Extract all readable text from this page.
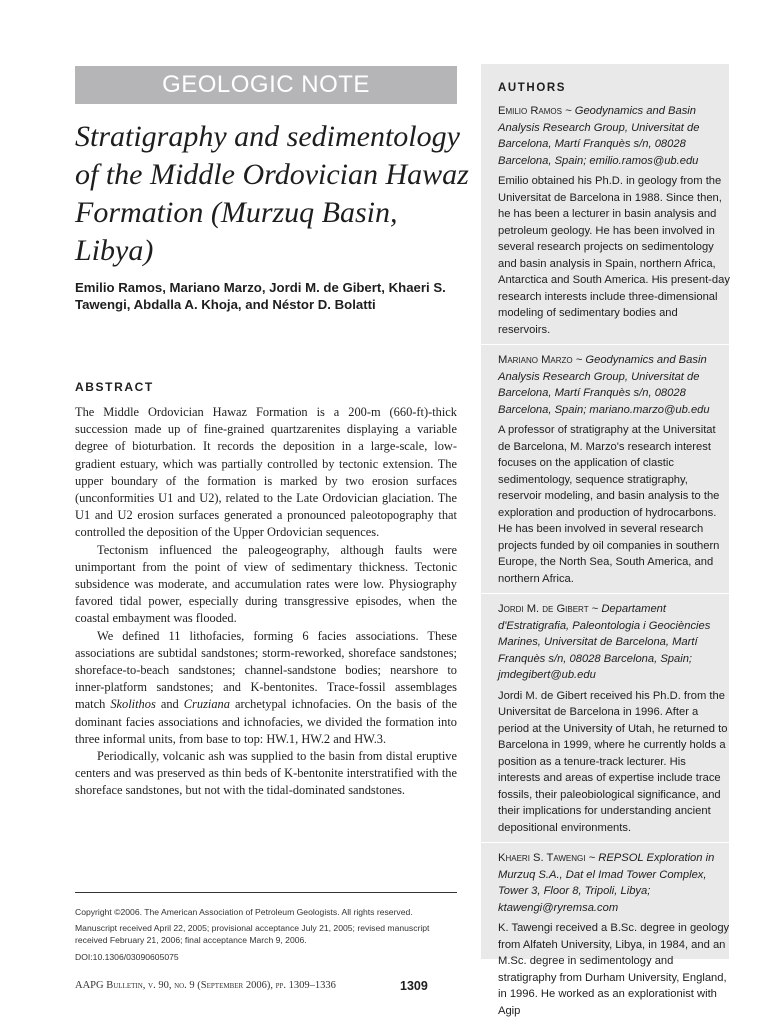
GEOLOGIC NOTE
Stratigraphy and sedimentology of the Middle Ordovician Hawaz Formation (Murzuq Basin, Libya)

Emilio Ramos, Mariano Marzo, Jordi M. de Gibert, Khaeri S. Tawengi, Abdalla A. Khoja, and Néstor D. Bolatti

ABSTRACT

The Middle Ordovician Hawaz Formation is a 200-m (660-ft)-thick succession made up of fine-grained quartzarenites displaying a variable degree of bioturbation. It records the deposition in a large-scale, low-gradient estuary, which was partially controlled by tectonic extension. The upper boundary of the formation is marked by two erosion surfaces (unconformities U1 and U2), related to the Late Ordovician glaciation. The U1 and U2 erosion surfaces generated a pronounced paleotopography that controlled the deposition of the Upper Ordovician sequences.

Tectonism influenced the paleogeography, although faults were unimportant from the point of view of sedimentary thickness. Tectonic subsidence was moderate, and accumulation rates were low. Physiography favored tidal power, especially during transgressive episodes, when the coastal embayment was flooded.

We defined 11 lithofacies, forming 6 facies associations. These associations are subtidal sandstones; storm-reworked, shoreface sandstones; shoreface-to-beach sandstones; channel-sandstone bodies; nearshore to inner-platform sandstones; and K-bentonites. Trace-fossil assemblages match Skolithos and Cruziana archetypal ichnofacies. On the basis of the dominant facies associations and ichnofacies, we divided the formation into three informal units, from base to top: HW.1, HW.2 and HW.3.

Periodically, volcanic ash was supplied to the basin from distal eruptive centers and was preserved as thin beds of K-bentonite interstratified with the shoreface sandstones, but not with the tidal-dominated sandstones.

Copyright ©2006. The American Association of Petroleum Geologists. All rights reserved.

Manuscript received April 22, 2005; provisional acceptance July 21, 2005; revised manuscript received February 21, 2006; final acceptance March 9, 2006.

DOI:10.1306/03090605075

AAPG Bulletin, v. 90, no. 9 (September 2006), pp. 1309–1336	1309
AUTHORS

Emilio Ramos ~ Geodynamics and Basin Analysis Research Group, Universitat de Barcelona, Martí Franquès s/n, 08028 Barcelona, Spain; emilio.ramos@ub.edu

Emilio obtained his Ph.D. in geology from the Universitat de Barcelona in 1988. Since then, he has been a lecturer in basin analysis and petroleum geology. He has been involved in several research projects on sedimentology and basin analysis in Spain, northern Africa, Antarctica and South America. His present-day research interests include three-dimensional modeling of sedimentary bodies and reservoirs.

Mariano Marzo ~ Geodynamics and Basin Analysis Research Group, Universitat de Barcelona, Martí Franquès s/n, 08028 Barcelona, Spain; mariano.marzo@ub.edu

A professor of stratigraphy at the Universitat de Barcelona, M. Marzo's research interest focuses on the application of clastic sedimentology, sequence stratigraphy, reservoir modeling, and basin analysis to the exploration and production of hydrocarbons. He has been involved in several research projects funded by oil companies in southern Europe, the North Sea, South America, and northern Africa.

Jordi M. de Gibert ~ Departament d'Estratigrafia, Paleontologia i Geociències Marines, Universitat de Barcelona, Martí Franquès s/n, 08028 Barcelona, Spain; jmdegibert@ub.edu

Jordi M. de Gibert received his Ph.D. from the Universitat de Barcelona in 1996. After a period at the University of Utah, he returned to Barcelona in 1999, where he currently holds a position as a tenure-track lecturer. His interests and areas of expertise include trace fossils, their paleobiological significance, and their implications for understanding ancient depositional environments.

Khaeri S. Tawengi ~ REPSOL Exploration in Murzuq S.A., Dat el Imad Tower Complex, Tower 3, Floor 8, Tripoli, Libya; ktawengi@ryremsa.com

K. Tawengi received a B.Sc. degree in geology from Alfateh University, Libya, in 1984, and an M.Sc. degree in sedimentology and stratigraphy from Durham University, England, in 1996. He worked as an explorationist with Agip
